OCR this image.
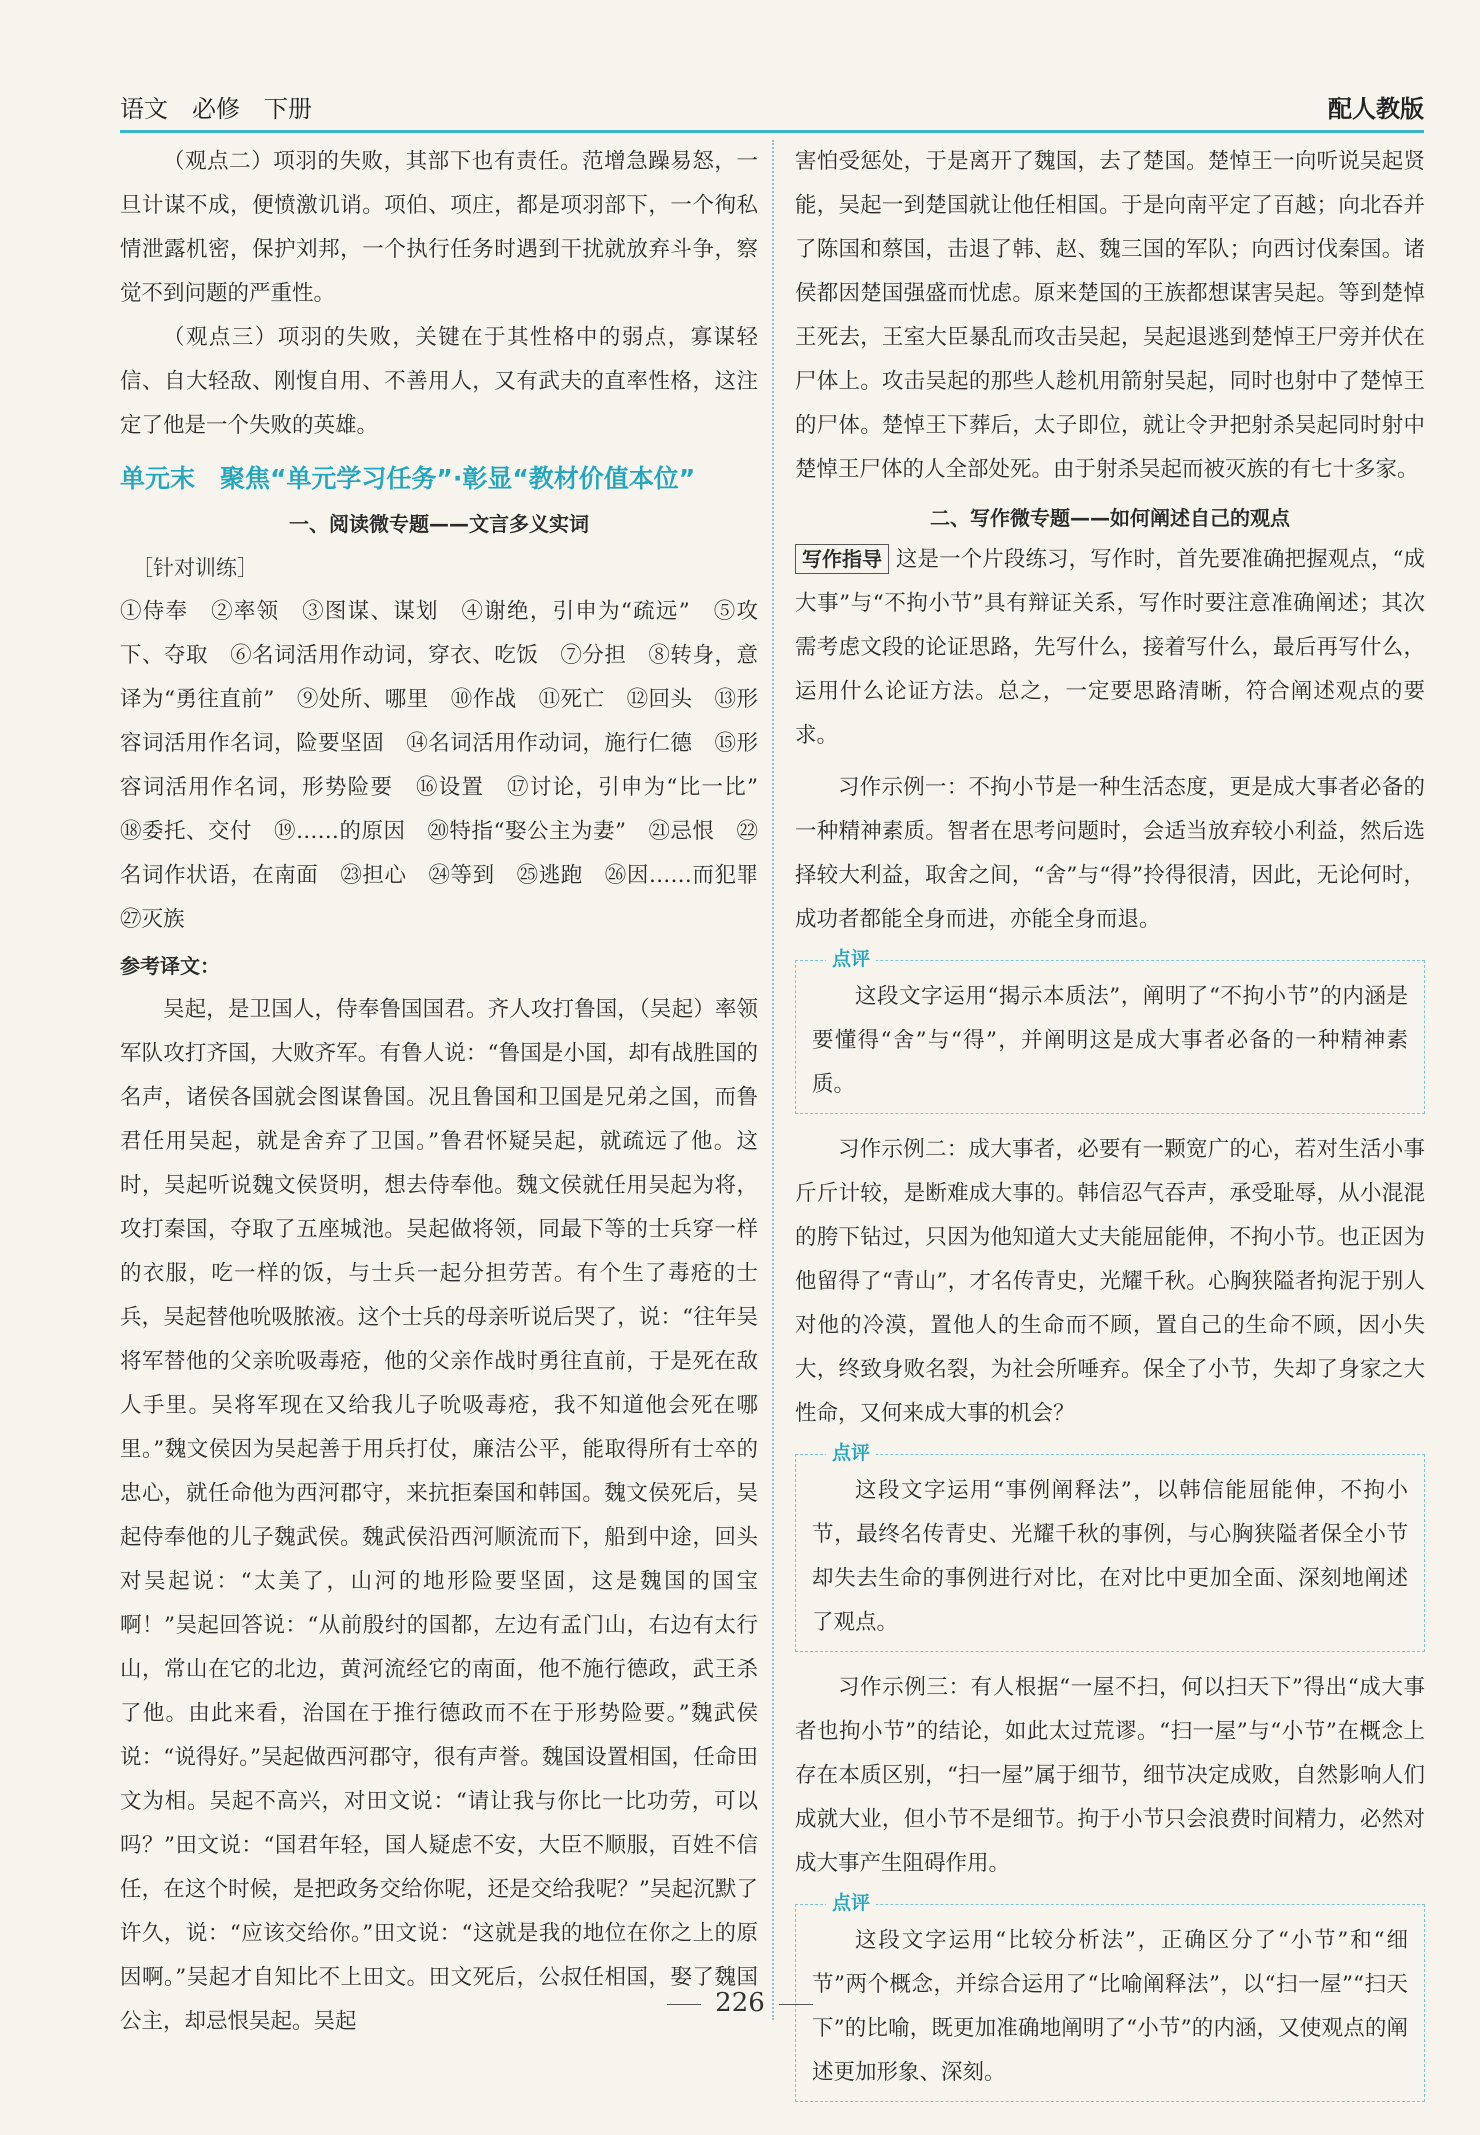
语文　必修　下册	配人教版

（观点二）项羽的失败，其部下也有责任。范增急躁易怒，一旦计谋不成，便愤激讥诮。项伯、项庄，都是项羽部下，一个徇私情泄露机密，保护刘邦，一个执行任务时遇到干扰就放弃斗争，察觉不到问题的严重性。

（观点三）项羽的失败，关键在于其性格中的弱点，寡谋轻信、自大轻敌、刚愎自用、不善用人，又有武夫的直率性格，这注定了他是一个失败的英雄。

单元末　聚焦“单元学习任务”·彰显“教材价值本位”

一、阅读微专题——文言多义实词

［针对训练］

①侍奉　②率领　③图谋、谋划　④谢绝，引申为“疏远”　⑤攻下、夺取　⑥名词活用作动词，穿衣、吃饭　⑦分担　⑧转身，意译为“勇往直前”　⑨处所、哪里　⑩作战　⑪死亡　⑫回头　⑬形容词活用作名词，险要坚固　⑭名词活用作动词，施行仁德　⑮形容词活用作名词，形势险要　⑯设置　⑰讨论，引申为“比一比”　⑱委托、交付　⑲……的原因　⑳特指“娶公主为妻”　㉑忌恨　㉒名词作状语，在南面　㉓担心　㉔等到　㉕逃跑　㉖因……而犯罪　㉗灭族

参考译文：

吴起，是卫国人，侍奉鲁国国君。齐人攻打鲁国，（吴起）率领军队攻打齐国，大败齐军。有鲁人说：“鲁国是小国，却有战胜国的名声，诸侯各国就会图谋鲁国。况且鲁国和卫国是兄弟之国，而鲁君任用吴起，就是舍弃了卫国。”鲁君怀疑吴起，就疏远了他。这时，吴起听说魏文侯贤明，想去侍奉他。魏文侯就任用吴起为将，攻打秦国，夺取了五座城池。吴起做将领，同最下等的士兵穿一样的衣服，吃一样的饭，与士兵一起分担劳苦。有个生了毒疮的士兵，吴起替他吮吸脓液。这个士兵的母亲听说后哭了，说：“往年吴将军替他的父亲吮吸毒疮，他的父亲作战时勇往直前，于是死在敌人手里。吴将军现在又给我儿子吮吸毒疮，我不知道他会死在哪里。”魏文侯因为吴起善于用兵打仗，廉洁公平，能取得所有士卒的忠心，就任命他为西河郡守，来抗拒秦国和韩国。魏文侯死后，吴起侍奉他的儿子魏武侯。魏武侯沿西河顺流而下，船到中途，回头对吴起说：“太美了，山河的地形险要坚固，这是魏国的国宝啊！”吴起回答说：“从前殷纣的国都，左边有孟门山，右边有太行山，常山在它的北边，黄河流经它的南面，他不施行德政，武王杀了他。由此来看，治国在于推行德政而不在于形势险要。”魏武侯说：“说得好。”吴起做西河郡守，很有声誉。魏国设置相国，任命田文为相。吴起不高兴，对田文说：“请让我与你比一比功劳，可以吗？”田文说：“国君年轻，国人疑虑不安，大臣不顺服，百姓不信任，在这个时候，是把政务交给你呢，还是交给我呢？”吴起沉默了许久，说：“应该交给你。”田文说：“这就是我的地位在你之上的原因啊。”吴起才自知比不上田文。田文死后，公叔任相国，娶了魏国公主，却忌恨吴起。吴起

害怕受惩处，于是离开了魏国，去了楚国。楚悼王一向听说吴起贤能，吴起一到楚国就让他任相国。于是向南平定了百越；向北吞并了陈国和蔡国，击退了韩、赵、魏三国的军队；向西讨伐秦国。诸侯都因楚国强盛而忧虑。原来楚国的王族都想谋害吴起。等到楚悼王死去，王室大臣暴乱而攻击吴起，吴起退逃到楚悼王尸旁并伏在尸体上。攻击吴起的那些人趁机用箭射吴起，同时也射中了楚悼王的尸体。楚悼王下葬后，太子即位，就让令尹把射杀吴起同时射中楚悼王尸体的人全部处死。由于射杀吴起而被灭族的有七十多家。

二、写作微专题——如何阐述自己的观点

写作指导 这是一个片段练习，写作时，首先要准确把握观点，“成大事”与“不拘小节”具有辩证关系，写作时要注意准确阐述；其次需考虑文段的论证思路，先写什么，接着写什么，最后再写什么，运用什么论证方法。总之，一定要思路清晰，符合阐述观点的要求。

习作示例一：不拘小节是一种生活态度，更是成大事者必备的一种精神素质。智者在思考问题时，会适当放弃较小利益，然后选择较大利益，取舍之间，“舍”与“得”拎得很清，因此，无论何时，成功者都能全身而进，亦能全身而退。

点评

这段文字运用“揭示本质法”，阐明了“不拘小节”的内涵是要懂得“舍”与“得”，并阐明这是成大事者必备的一种精神素质。

习作示例二：成大事者，必要有一颗宽广的心，若对生活小事斤斤计较，是断难成大事的。韩信忍气吞声，承受耻辱，从小混混的胯下钻过，只因为他知道大丈夫能屈能伸，不拘小节。也正因为他留得了“青山”，才名传青史，光耀千秋。心胸狭隘者拘泥于别人对他的冷漠，置他人的生命而不顾，置自己的生命不顾，因小失大，终致身败名裂，为社会所唾弃。保全了小节，失却了身家之大性命，又何来成大事的机会？

点评

这段文字运用“事例阐释法”，以韩信能屈能伸，不拘小节，最终名传青史、光耀千秋的事例，与心胸狭隘者保全小节却失去生命的事例进行对比，在对比中更加全面、深刻地阐述了观点。

习作示例三：有人根据“一屋不扫，何以扫天下”得出“成大事者也拘小节”的结论，如此太过荒谬。“扫一屋”与“小节”在概念上存在本质区别，“扫一屋”属于细节，细节决定成败，自然影响人们成就大业，但小节不是细节。拘于小节只会浪费时间精力，必然对成大事产生阻碍作用。

点评

这段文字运用“比较分析法”，正确区分了“小节”和“细节”两个概念，并综合运用了“比喻阐释法”，以“扫一屋”“扫天下”的比喻，既更加准确地阐明了“小节”的内涵，又使观点的阐述更加形象、深刻。

226
